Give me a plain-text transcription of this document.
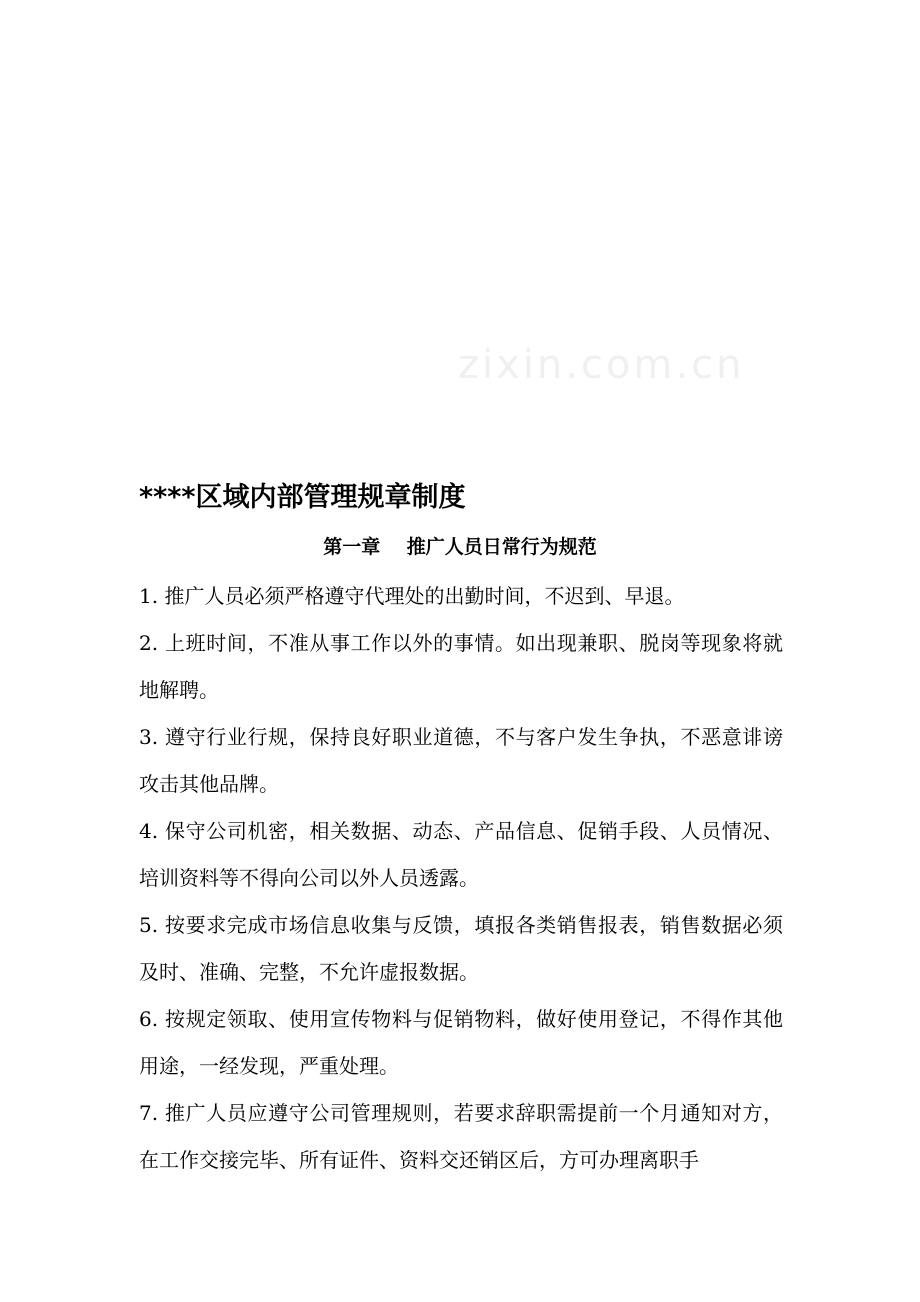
zixin.com.cn
****区域内部管理规章制度
第一章    推广人员日常行为规范

1. 推广人员必须严格遵守代理处的出勤时间，不迟到、早退。

2. 上班时间，不准从事工作以外的事情。如出现兼职、脱岗等现象将就地解聘。

3. 遵守行业行规，保持良好职业道德，不与客户发生争执，不恶意诽谤攻击其他品牌。

4. 保守公司机密，相关数据、动态、产品信息、促销手段、人员情况、培训资料等不得向公司以外人员透露。

5. 按要求完成市场信息收集与反馈，填报各类销售报表，销售数据必须及时、准确、完整，不允许虚报数据。

6. 按规定领取、使用宣传物料与促销物料，做好使用登记，不得作其他用途，一经发现，严重处理。

7. 推广人员应遵守公司管理规则，若要求辞职需提前一个月通知对方，在工作交接完毕、所有证件、资料交还销区后，方可办理离职手
